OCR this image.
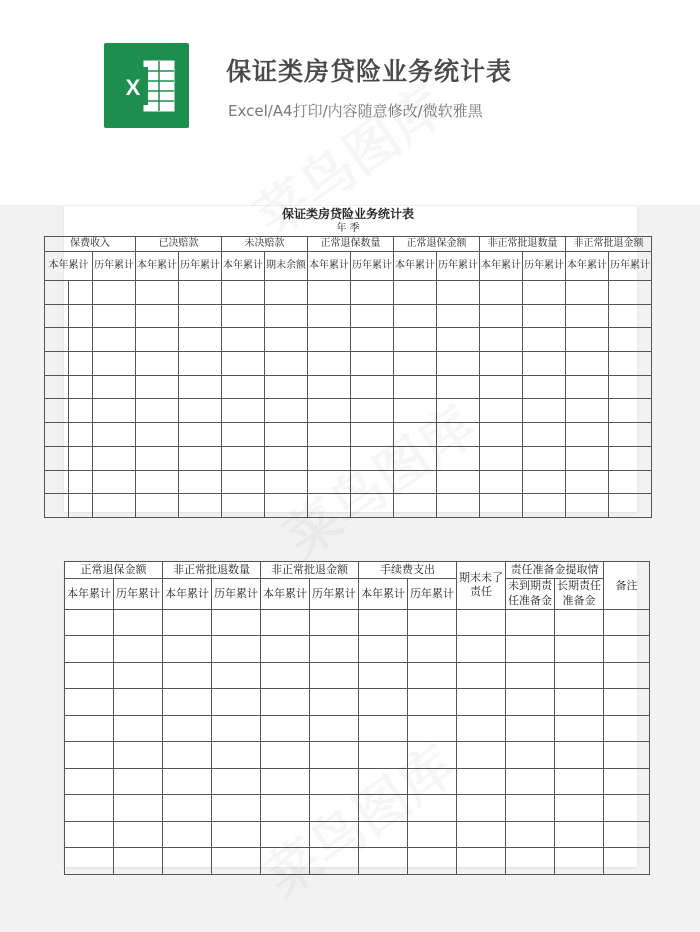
X
保证类房贷险业务统计表
Excel/A4打印/内容随意修改/微软雅黑
保证类房贷险业务统计表														
年 季														
保费收入			已决赔款		未决赔款		正常退保数量		正常退保金额		非正常批退数量		非正常批退金额	
本年累计		历年累计	本年累计	历年累计	本年累计	期末余额	本年累计	历年累计	本年累计	历年累计	本年累计	历年累计	本年累计	历年累计

正常退保金额		非正常批退数量		非正常批退金额		手续费支出		期末未了责任	责任准备金提取情		备注
本年累计	历年累计	本年累计	历年累计	本年累计	历年累计	本年累计	历年累计		未到期责任准备金	长期责任准备金	
